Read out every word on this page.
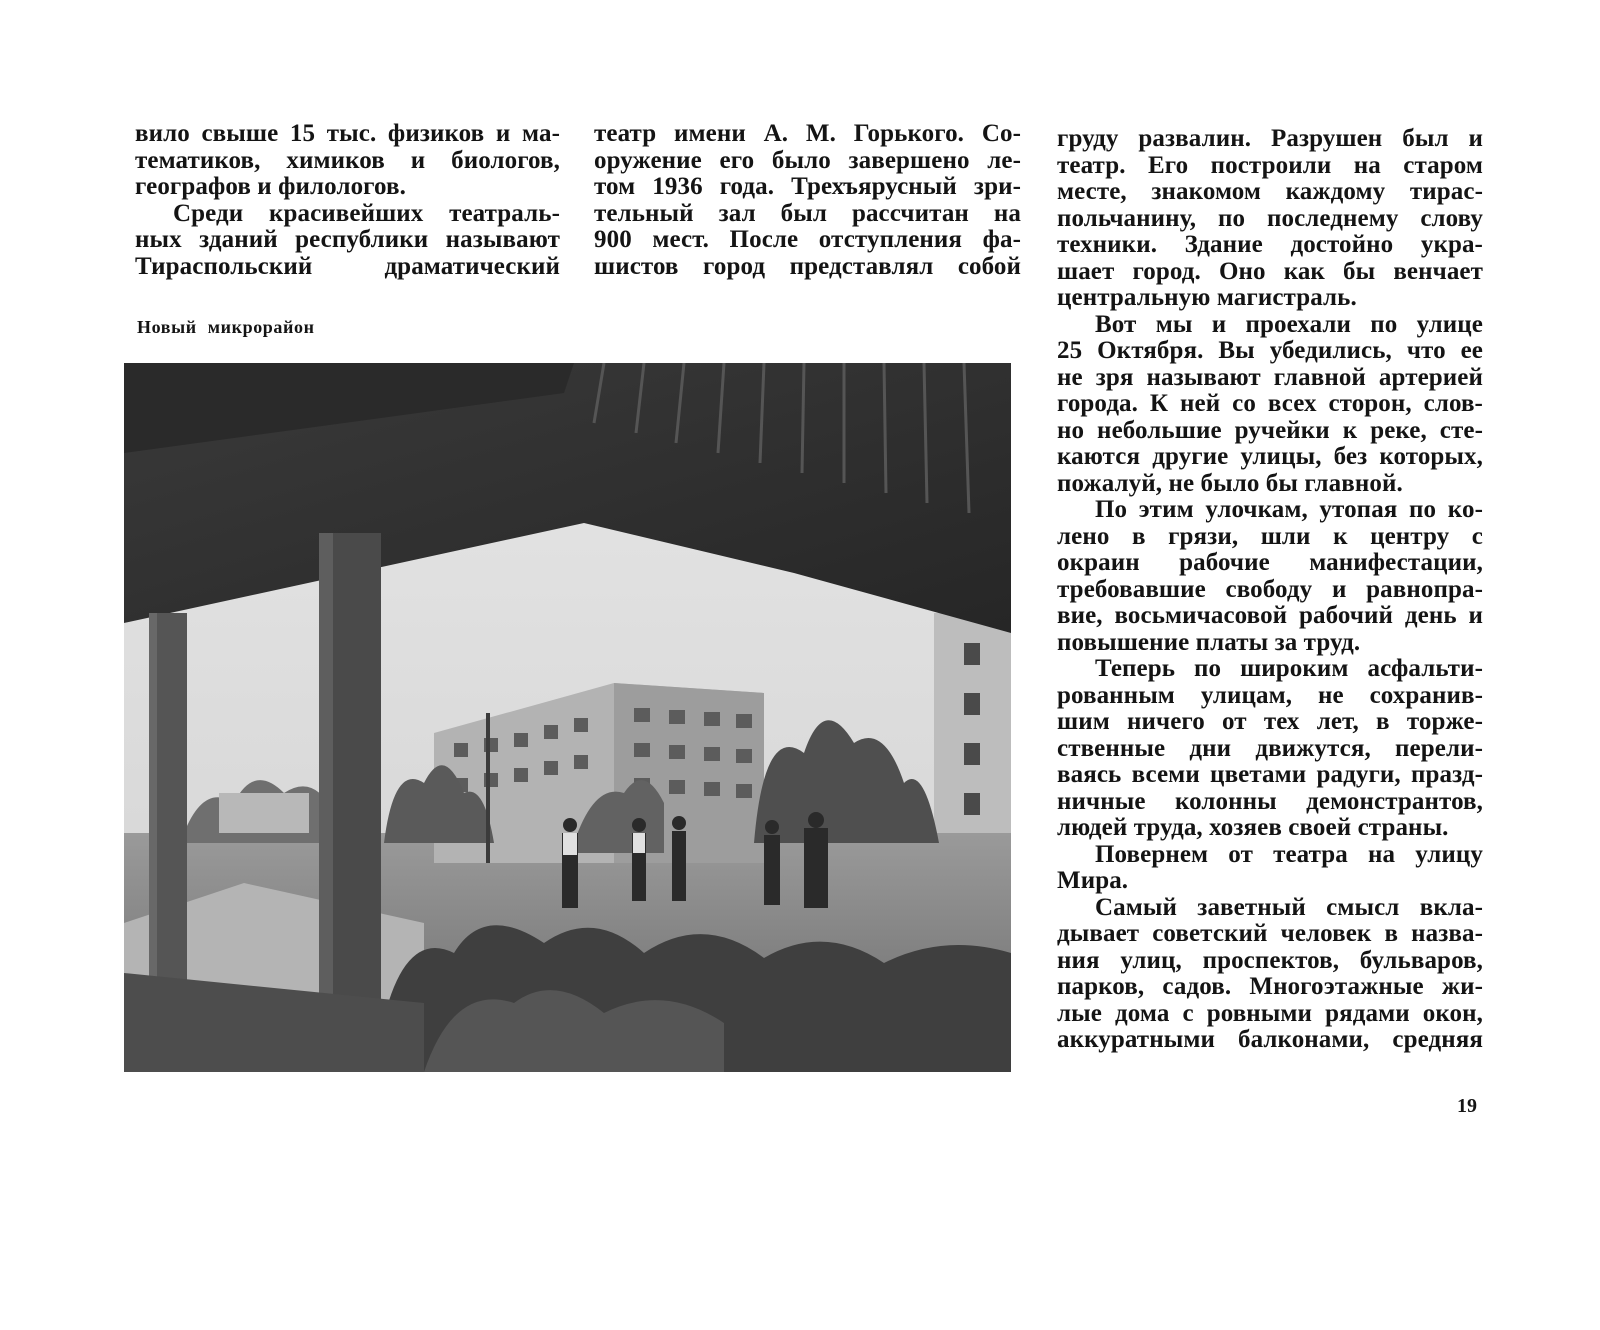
вило свыше 15 тыс. физиков и ма-
тематиков, химиков и биологов,
географов и филологов.
Среди красивейших театраль-
ных зданий республики называют
Тираспольский драматический
театр имени А. М. Горького. Со-
оружение его было завершено ле-
том 1936 года. Трехъярусный зри-
тельный зал был рассчитан на
900 мест. После отступления фа-
шистов город представлял собой
груду развалин. Разрушен был и
театр. Его построили на старом
месте, знакомом каждому тирас-
польчанину, по последнему слову
техники. Здание достойно укра-
шает город. Оно как бы венчает
центральную магистраль.
Вот мы и проехали по улице
25 Октября. Вы убедились, что ее
не зря называют главной артерией
города. К ней со всех сторон, слов-
но небольшие ручейки к реке, сте-
каются другие улицы, без которых,
пожалуй, не было бы главной.
По этим улочкам, утопая по ко-
лено в грязи, шли к центру с
окраин рабочие манифестации,
требовавшие свободу и равнопра-
вие, восьмичасовой рабочий день и
повышение платы за труд.
Теперь по широким асфальти-
рованным улицам, не сохранив-
шим ничего от тех лет, в торже-
ственные дни движутся, перели-
ваясь всеми цветами радуги, празд-
ничные колонны демонстрантов,
людей труда, хозяев своей страны.
Повернем от театра на улицу
Мира.
Самый заветный смысл вкла-
дывает советский человек в назва-
ния улиц, проспектов, бульваров,
парков, садов. Многоэтажные жи-
лые дома с ровными рядами окон,
аккуратными балконами, средняя
Новый микрорайон
19
